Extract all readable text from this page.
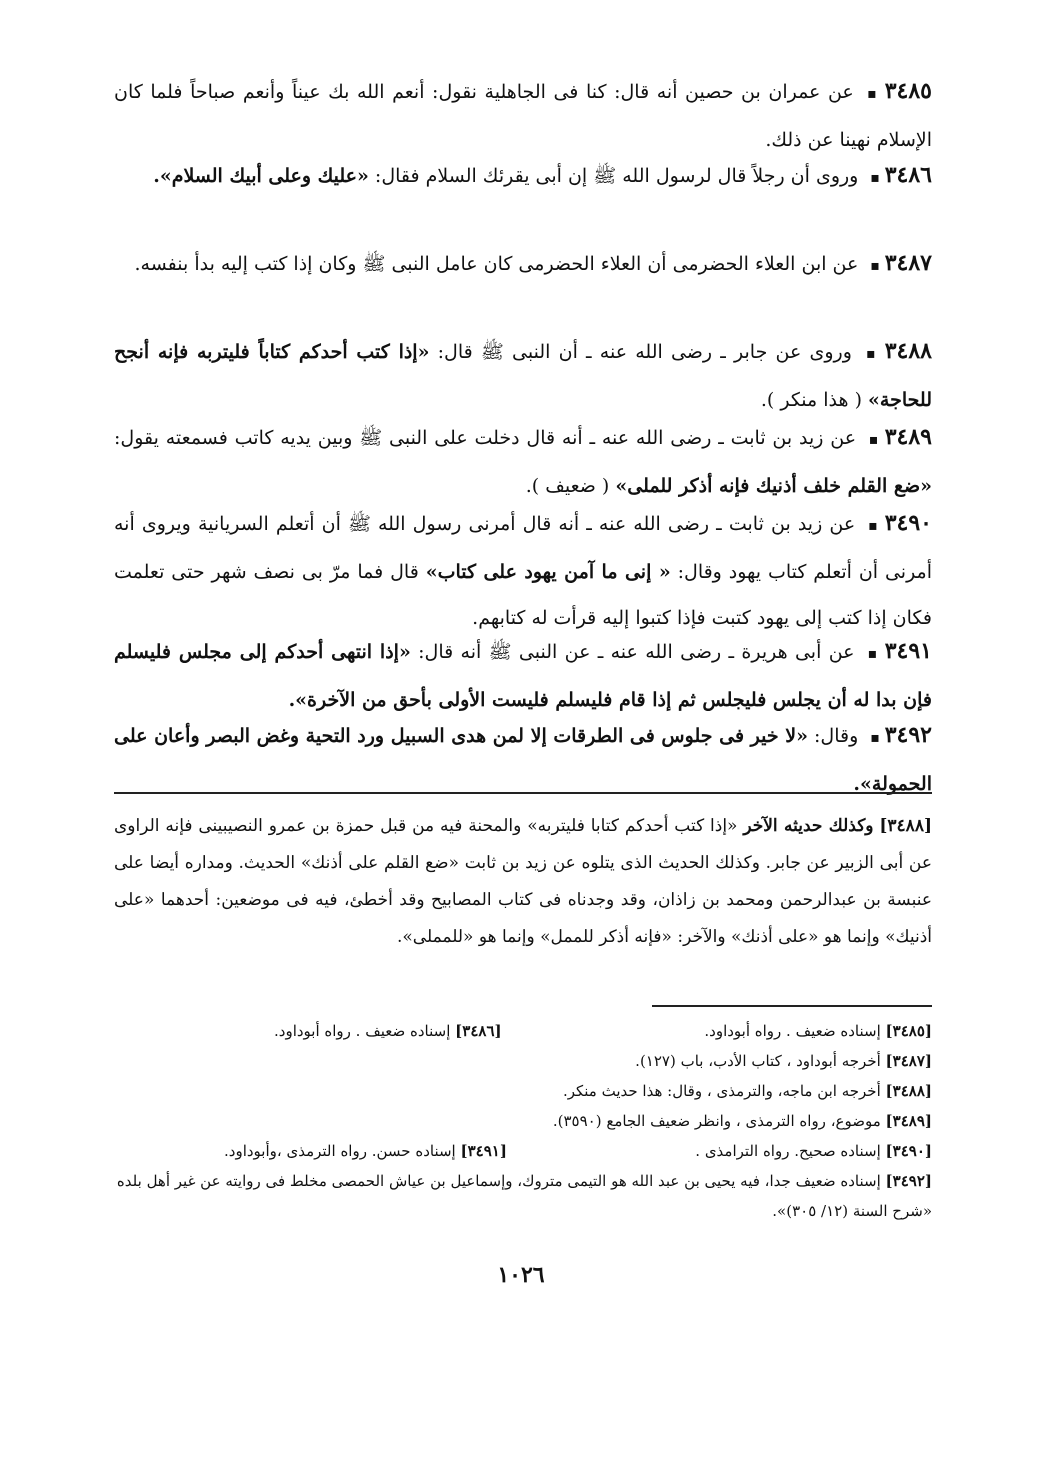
٣٤٨٥ ▪عن عمران بن حصين أنه قال: كنا فى الجاهلية نقول: أنعم الله بك عيناً وأنعم صباحاً فلما كان الإسلام نهينا عن ذلك.
٣٤٨٦ ▪وروى أن رجلاً قال لرسول الله ﷺ إن أبى يقرئك السلام فقال: «عليك وعلى أبيك السلام».
٣٤٨٧ ▪عن ابن العلاء الحضرمى أن العلاء الحضرمى كان عامل النبى ﷺ وكان إذا كتب إليه بدأ بنفسه.
٣٤٨٨ ▪وروى عن جابر ـ رضى الله عنه ـ أن النبى ﷺ قال: «إذا كتب أحدكم كتاباً فليتربه فإنه أنجح للحاجة» ( هذا منكر ).
٣٤٨٩ ▪عن زيد بن ثابت ـ رضى الله عنه ـ أنه قال دخلت على النبى ﷺ وبين يديه كاتب فسمعته يقول: «ضع القلم خلف أذنيك فإنه أذكر للملى» ( ضعيف ).
٣٤٩٠ ▪عن زيد بن ثابت ـ رضى الله عنه ـ أنه قال أمرنى رسول الله ﷺ أن أتعلم السريانية ويروى أنه أمرنى أن أتعلم كتاب يهود وقال: « إنى ما آمن يهود على كتاب» قال فما مرّ بى نصف شهر حتى تعلمت فكان إذا كتب إلى يهود كتبت فإذا كتبوا إليه قرأت له كتابهم.
٣٤٩١ ▪عن أبى هريرة ـ رضى الله عنه ـ عن النبى ﷺ أنه قال: «إذا انتهى أحدكم إلى مجلس فليسلم فإن بدا له أن يجلس فليجلس ثم إذا قام فليسلم فليست الأولى بأحق من الآخرة».
٣٤٩٢ ▪وقال: «لا خير فى جلوس فى الطرقات إلا لمن هدى السبيل ورد التحية وغض البصر وأعان على الحمولة».
[٣٤٨٨] وكذلك حديثه الآخر «إذا كتب أحدكم كتابا فليتربه» والمحنة فيه من قبل حمزة بن عمرو النصيبينى فإنه الراوى عن أبى الزبير عن جابر. وكذلك الحديث الذى يتلوه عن زيد بن ثابت «ضع القلم على أذنك» الحديث. ومداره أيضا على عنبسة بن عبدالرحمن ومحمد بن زاذان، وقد وجدناه فى كتاب المصابيح وقد أخطئ، فيه فى موضعين: أحدهما «على أذنيك» وإنما هو «على أذنك» والآخر: «فإنه أذكر للممل» وإنما هو «للمملى».
[٣٤٨٥] إسناده ضعيف . رواه أبوداود.
[٣٤٨٦] إسناده ضعيف . رواه أبوداود.
[٣٤٨٧] أخرجه أبوداود ، كتاب الأدب، باب (١٢٧).
[٣٤٨٨] أخرجه ابن ماجه، والترمذى ، وقال: هذا حديث منكر.
[٣٤٨٩] موضوع، رواه الترمذى ، وانظر ضعيف الجامع (٣٥٩٠).
[٣٤٩٠] إسناده صحيح. رواه الترامذى .
[٣٤٩١] إسناده حسن. رواه الترمذى ،وأبوداود.
[٣٤٩٢] إسناده ضعيف جدا، فيه يحيى بن عبد الله هو التيمى متروك، وإسماعيل بن عياش الحمصى مخلط فى روايته عن غير أهل بلده «شرح السنة (١٢/ ٣٠٥)».
١٠٢٦
